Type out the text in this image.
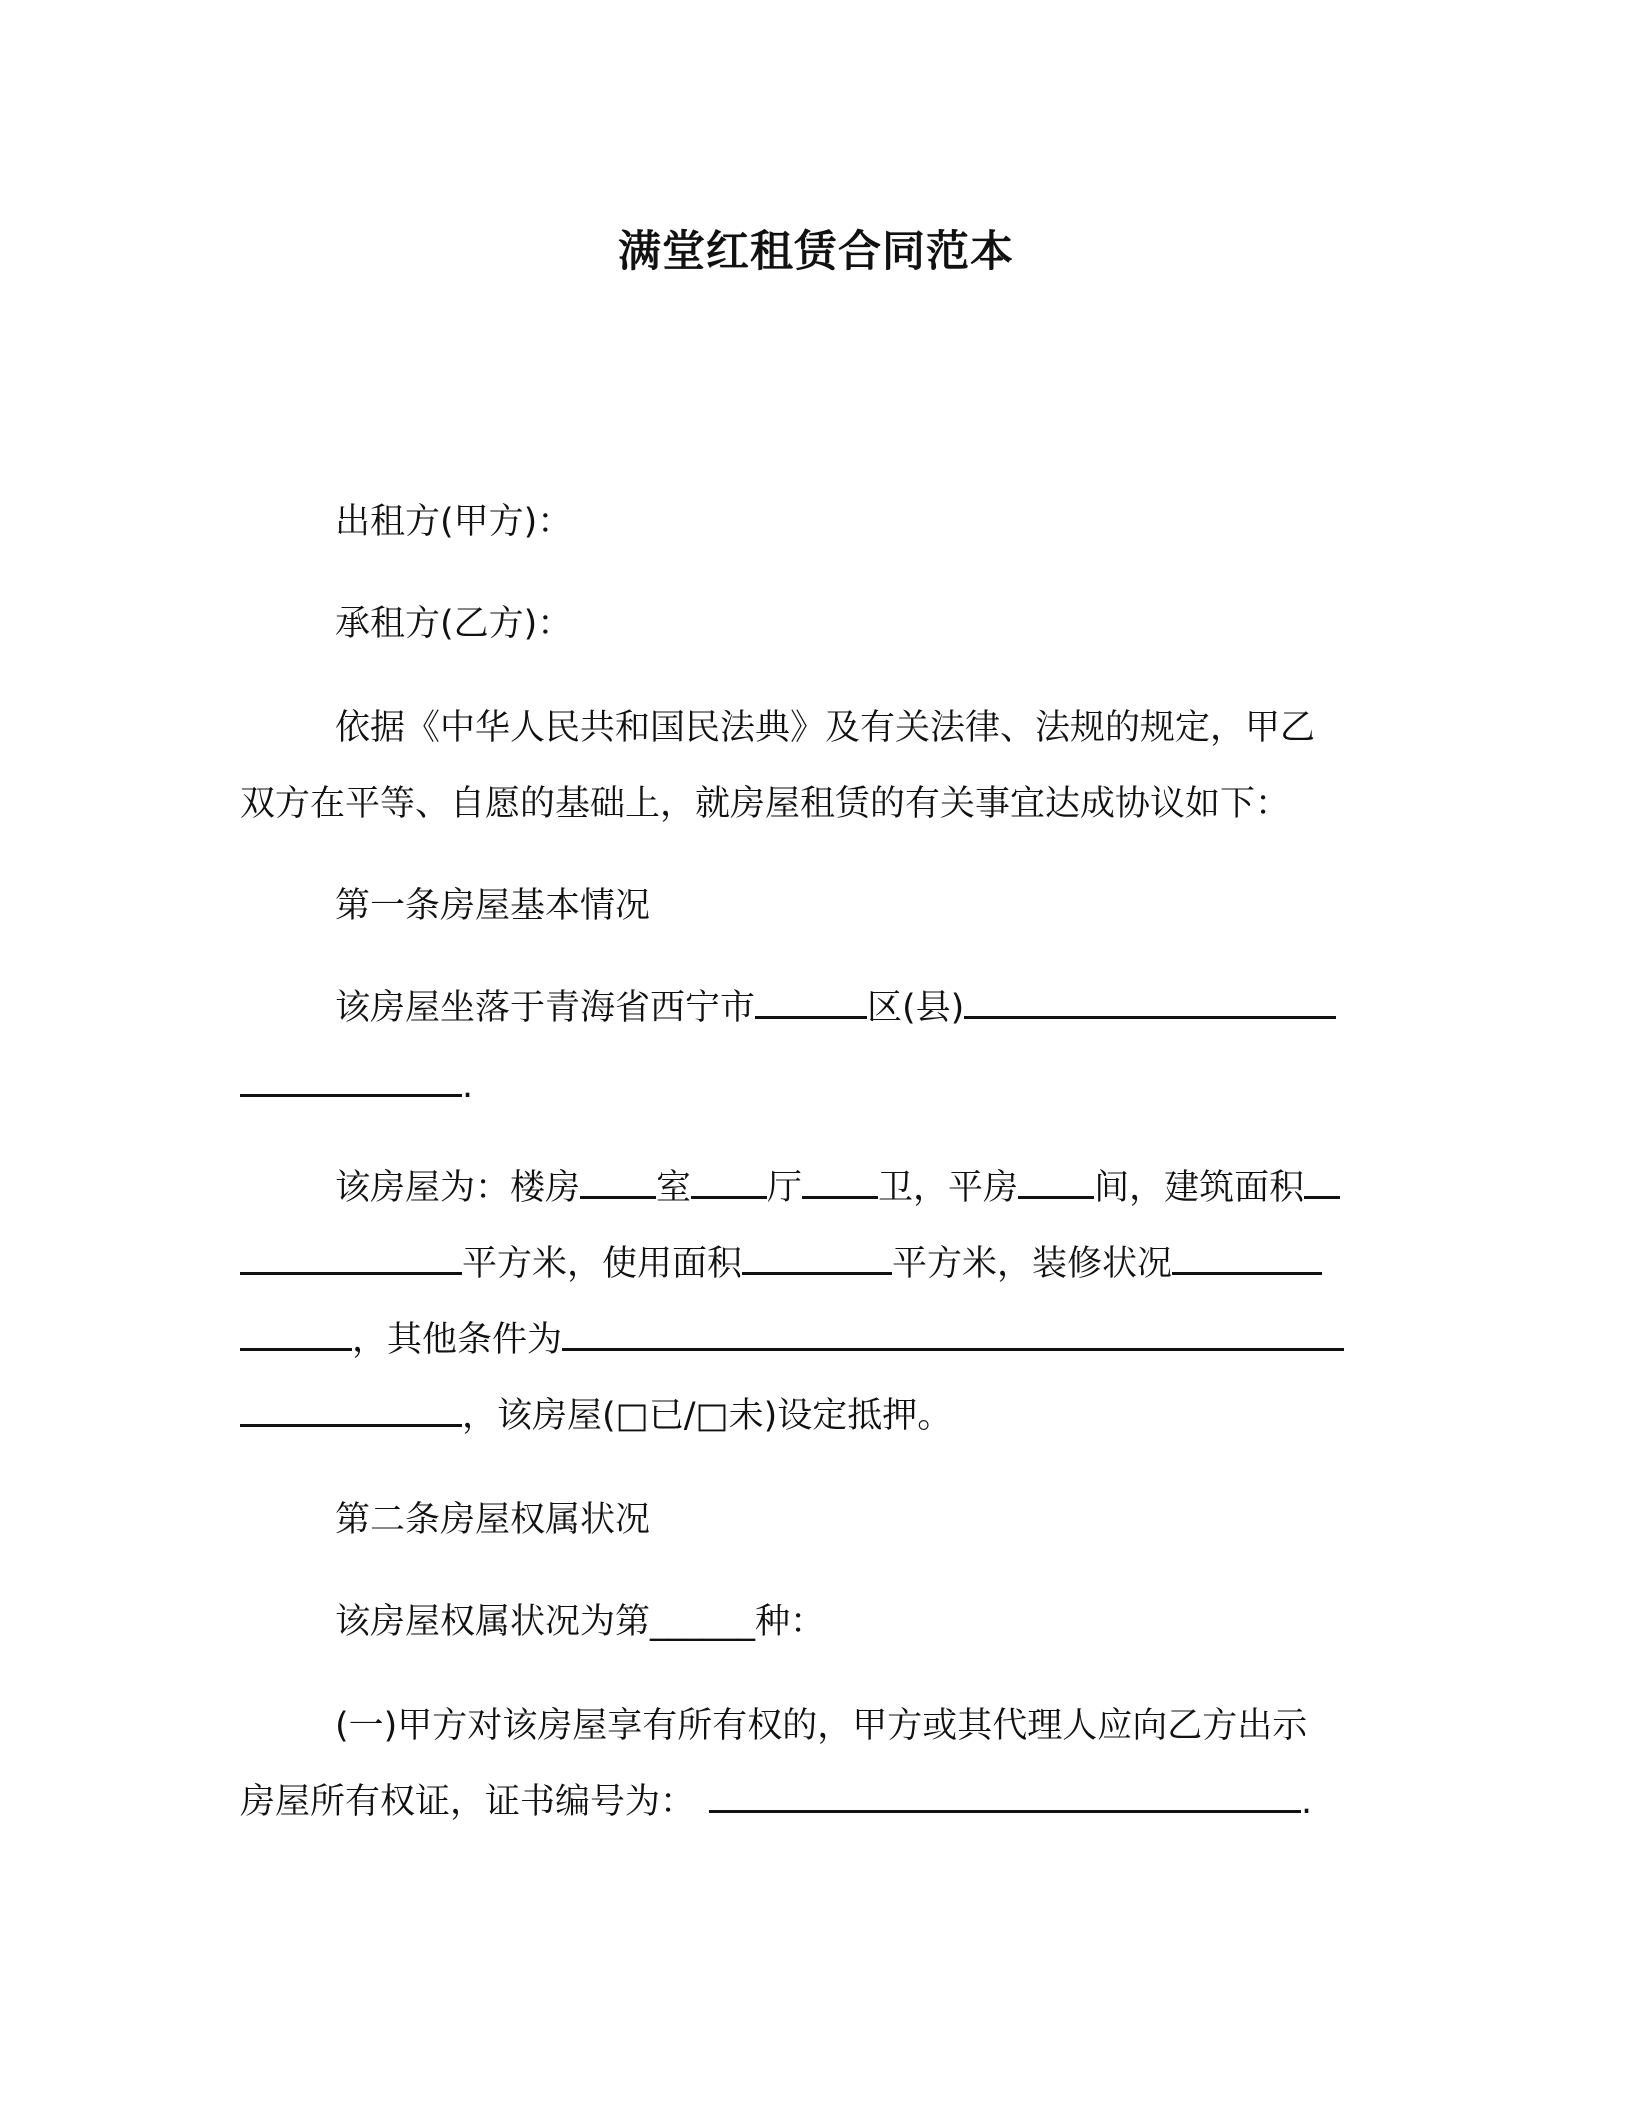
满堂红租赁合同范本
出租方(甲方)：
承租方(乙方)：
依据《中华人民共和国民法典》及有关法律、法规的规定，甲乙
双方在平等、自愿的基础上，就房屋租赁的有关事宜达成协议如下：
第一条房屋基本情况
该房屋坐落于青海省西宁市	区(县)
.
该房屋为：楼房 室 厅 卫，平房 间，建筑面积
平方米，使用面积	平方米，装修状况
，其他条件为
，该房屋(□已/□未)设定抵押。
第二条房屋权属状况
该房屋权属状况为第______种：
(一)甲方对该房屋享有所有权的，甲方或其代理人应向乙方出示
房屋所有权证，证书编号为：	.
